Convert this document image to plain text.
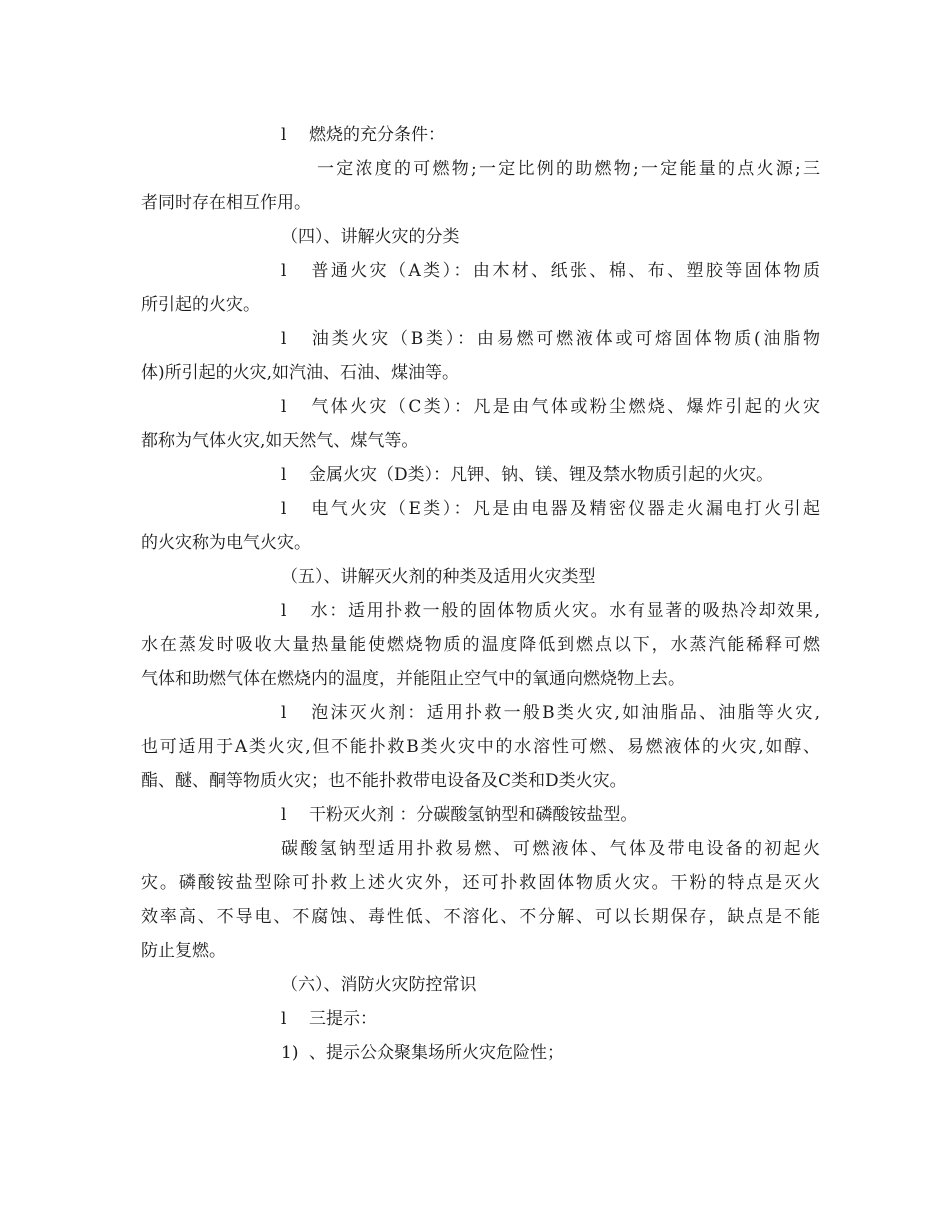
l 燃烧的充分条件：
一定浓度的可燃物;一定比例的助燃物;一定能量的点火源;三
者同时存在相互作用。
（四）、讲解火灾的分类
l 普通火灾（A类）：由木材、纸张、棉、布、塑胶等固体物质
所引起的火灾。
l 油类火灾（B类）：由易燃可燃液体或可熔固体物质(油脂物
体)所引起的火灾,如汽油、石油、煤油等。
l 气体火灾（C类）：凡是由气体或粉尘燃烧、爆炸引起的火灾
都称为气体火灾,如天然气、煤气等。
l 金属火灾（D类）：凡钾、钠、镁、锂及禁水物质引起的火灾。
l 电气火灾（E类）：凡是由电器及精密仪器走火漏电打火引起
的火灾称为电气火灾。
（五）、讲解灭火剂的种类及适用火灾类型
l 水：适用扑救一般的固体物质火灾。水有显著的吸热冷却效果,
水在蒸发时吸收大量热量能使燃烧物质的温度降低到燃点以下，水蒸汽能稀释可燃
气体和助燃气体在燃烧内的温度，并能阻止空气中的氧通向燃烧物上去。
l 泡沫灭火剂：适用扑救一般B类火灾,如油脂品、油脂等火灾,
也可适用于A类火灾,但不能扑救B类火灾中的水溶性可燃、易燃液体的火灾,如醇、
酯、醚、酮等物质火灾；也不能扑救带电设备及C类和D类火灾。
l 干粉灭火剂 ：分碳酸氢钠型和磷酸铵盐型。
碳酸氢钠型适用扑救易燃、可燃液体、气体及带电设备的初起火
灾。磷酸铵盐型除可扑救上述火灾外，还可扑救固体物质火灾。干粉的特点是灭火
效率高、不导电、不腐蚀、毒性低、不溶化、不分解、可以长期保存，缺点是不能
防止复燃。
（六）、消防火灾防控常识
l 三提示：
1) 、提示公众聚集场所火灾危险性；
